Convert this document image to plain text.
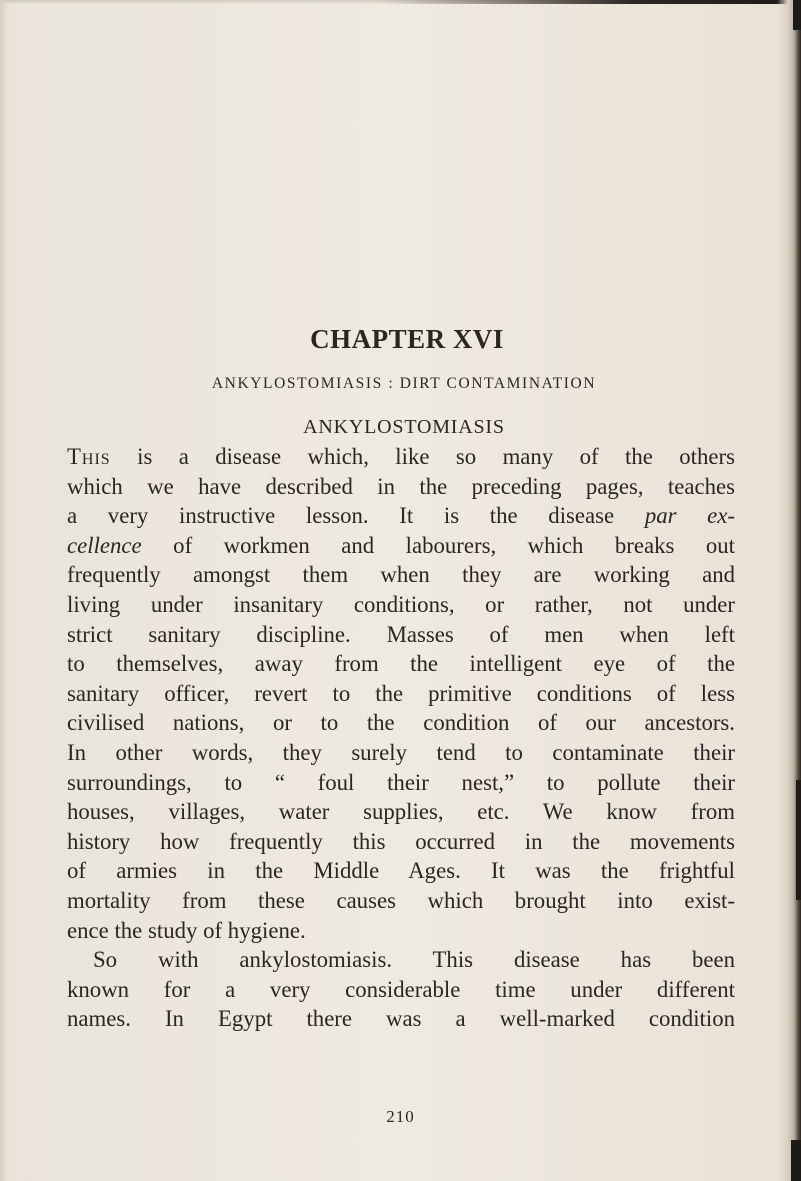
CHAPTER XVI
ANKYLOSTOMIASIS : DIRT CONTAMINATION
ANKYLOSTOMIASIS
This is a disease which, like so many of the others
which we have described in the preceding pages, teaches
a very instructive lesson. It is the disease par ex-
cellence of workmen and labourers, which breaks out
frequently amongst them when they are working and
living under insanitary conditions, or rather, not under
strict sanitary discipline. Masses of men when left
to themselves, away from the intelligent eye of the
sanitary officer, revert to the primitive conditions of less
civilised nations, or to the condition of our ancestors.
In other words, they surely tend to contaminate their
surroundings, to “ foul their nest,” to pollute their
houses, villages, water supplies, etc. We know from
history how frequently this occurred in the movements
of armies in the Middle Ages. It was the frightful
mortality from these causes which brought into exist-
ence the study of hygiene.
So with ankylostomiasis. This disease has been
known for a very considerable time under different
names. In Egypt there was a well-marked condition
210
